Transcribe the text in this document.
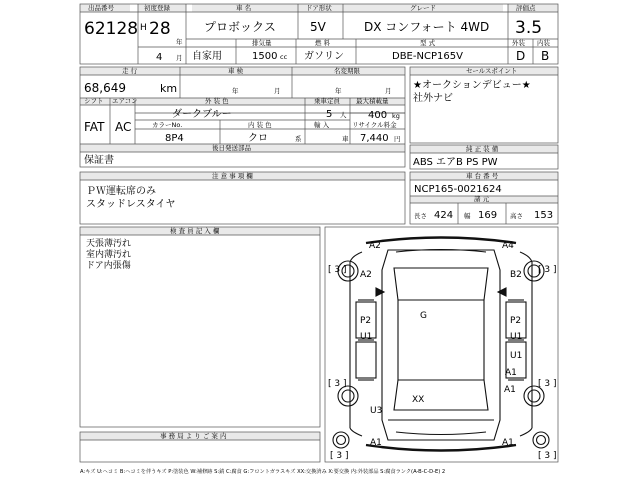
出品番号
62128
初度登録
H 28
年
4 月
車 名
プロボックス
ドア形状
5V
グレード
DX コンフォート 4WD
自家用
排気量
1500 cc
燃 料
ガソリン
型 式
DBE-NCP165V
評価点
3.5
外装 内装
D B
走 行
68,649	km
車 検
年	月
名変期限
年	月
シフト
FAT
エアコン
AC
外 装 色
ダークブルー
カラーNo.
8P4
内 装 色
クロ	系
乗車定員
5 人
最大積載量
400 kg
輸 入
車
リサイクル料金
7,440 円
後日発送部品
保証書
セールスポイント
★オークションデビュー★
社外ナビ
純 正 装 備
ABS エアB PS PW
車 台 番 号
NCP165-0021624
諸 元
長さ 424 幅 169 高さ 153
注 意 事 項 欄
ＰＷ運転席のみ
スタッドレスタイヤ
検 査 員 記 入 欄
天張薄汚れ
室内薄汚れ
ドア内張傷
事 務 局 よ り ご 案 内
A2	A4
A2	B2
G
P2
U1
P2
U1
U1
A1
U3
XX
A1
A1	A1
[ 3 ]	[ 3 ]
[ 3 ]	[ 3 ]
[ 3 ]	[ 3 ]
A:キズ U:ヘコミ B:ヘコミを伴うキズ P:塗装色 W:補修跡 S:錆 C:腐食 G:フロントガラスキズ XX:交換済み X:要交換 内:外装部品 S:腐食ランク(A-B-C-D-E) 2
